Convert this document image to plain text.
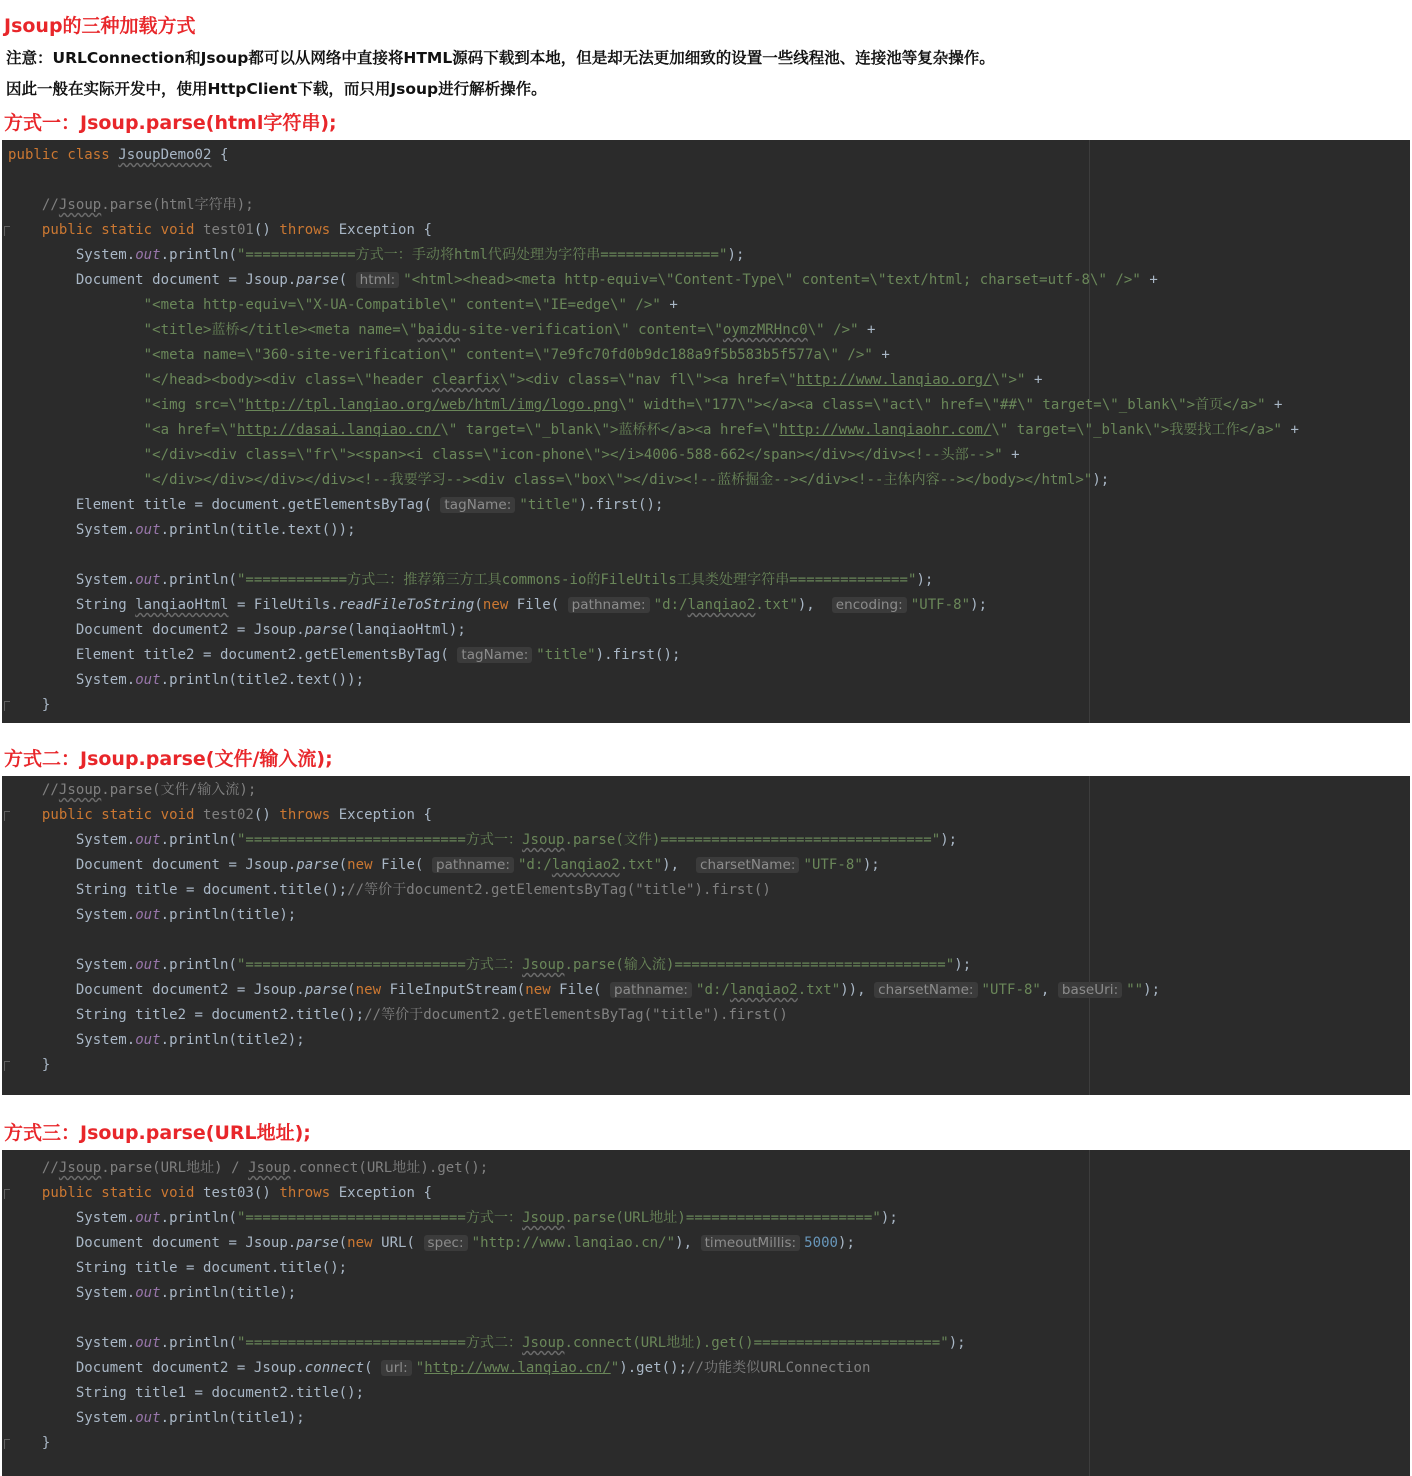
Jsoup的三种加载方式

注意：URLConnection和Jsoup都可以从网络中直接将HTML源码下载到本地，但是却无法更加细致的设置一些线程池、连接池等复杂操作。

因此一般在实际开发中，使用HttpClient下载，而只用Jsoup进行解析操作。

方式一：Jsoup.parse(html字符串);
public class JsoupDemo02 {
//Jsoup.parse(html字符串);
public static void test01() throws Exception {
System.out.println("=============方式一：手动将html代码处理为字符串==============");
Document document = Jsoup.parse( html: "<html><head><meta http-equiv=\"Content-Type\" content=\"text/html; charset=utf-8\" />" +
"<meta http-equiv=\"X-UA-Compatible\" content=\"IE=edge\" />" +
"<title>蓝桥</title><meta name=\"baidu-site-verification\" content=\"oymzMRHnc0\" />" +
"<meta name=\"360-site-verification\" content=\"7e9fc70fd0b9dc188a9f5b583b5f577a\" />" +
"</head><body><div class=\"header clearfix\"><div class=\"nav fl\"><a href=\"http://www.lanqiao.org/\">" +
"<img src=\"http://tpl.lanqiao.org/web/html/img/logo.png\" width=\"177\"></a><a class=\"act\" href=\"##\" target=\"_blank\">首页</a>" +
"<a href=\"http://dasai.lanqiao.cn/\" target=\"_blank\">蓝桥杯</a><a href=\"http://www.lanqiaohr.com/\" target=\"_blank\">我要找工作</a>" +
"</div><div class=\"fr\"><span><i class=\"icon-phone\"></i>4006-588-662</span></div></div><!--头部-->" +
"</div></div></div></div><!--我要学习--><div class=\"box\"></div><!--蓝桥掘金--></div><!--主体内容--></body></html>");
Element title = document.getElementsByTag( tagName: "title").first();
System.out.println(title.text());
System.out.println("============方式二：推荐第三方工具commons-io的FileUtils工具类处理字符串==============");
String lanqiaoHtml = FileUtils.readFileToString(new File( pathname: "d:/lanqiao2.txt"),  encoding: "UTF-8");
Document document2 = Jsoup.parse(lanqiaoHtml);
Element title2 = document2.getElementsByTag( tagName: "title").first();
System.out.println(title2.text());
}
方式二：Jsoup.parse(文件/输入流);
//Jsoup.parse(文件/输入流);
public static void test02() throws Exception {
System.out.println("==========================方式一：Jsoup.parse(文件)================================");
Document document = Jsoup.parse(new File( pathname: "d:/lanqiao2.txt"),  charsetName: "UTF-8");
String title = document.title();//等价于document2.getElementsByTag("title").first()
System.out.println(title);
System.out.println("==========================方式二：Jsoup.parse(输入流)================================");
Document document2 = Jsoup.parse(new FileInputStream(new File( pathname: "d:/lanqiao2.txt")), charsetName: "UTF-8", baseUri: "");
String title2 = document2.title();//等价于document2.getElementsByTag("title").first()
System.out.println(title2);
}
方式三：Jsoup.parse(URL地址);
//Jsoup.parse(URL地址) / Jsoup.connect(URL地址).get();
public static void test03() throws Exception {
System.out.println("==========================方式一：Jsoup.parse(URL地址)======================");
Document document = Jsoup.parse(new URL( spec: "http://www.lanqiao.cn/"), timeoutMillis: 5000);
String title = document.title();
System.out.println(title);
System.out.println("==========================方式二：Jsoup.connect(URL地址).get()======================");
Document document2 = Jsoup.connect( url: "http://www.lanqiao.cn/").get();//功能类似URLConnection
String title1 = document2.title();
System.out.println(title1);
}
